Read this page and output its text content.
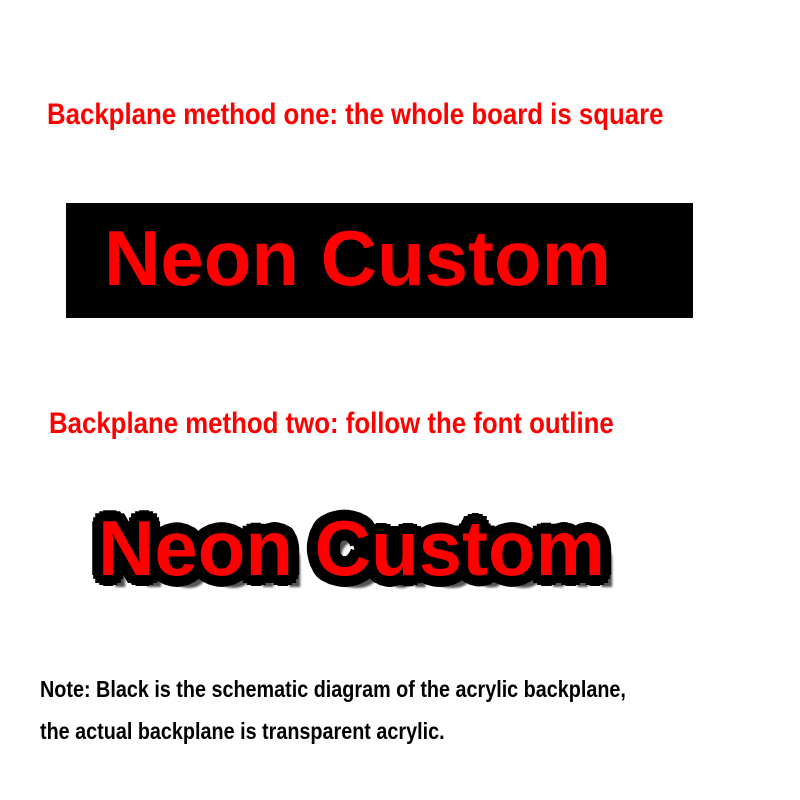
Backplane method one: the whole board is square
Neon Custom
Backplane method two: follow the font outline
Neon Custom
Note: Black is the schematic diagram of the acrylic backplane,
the actual backplane is transparent acrylic.
